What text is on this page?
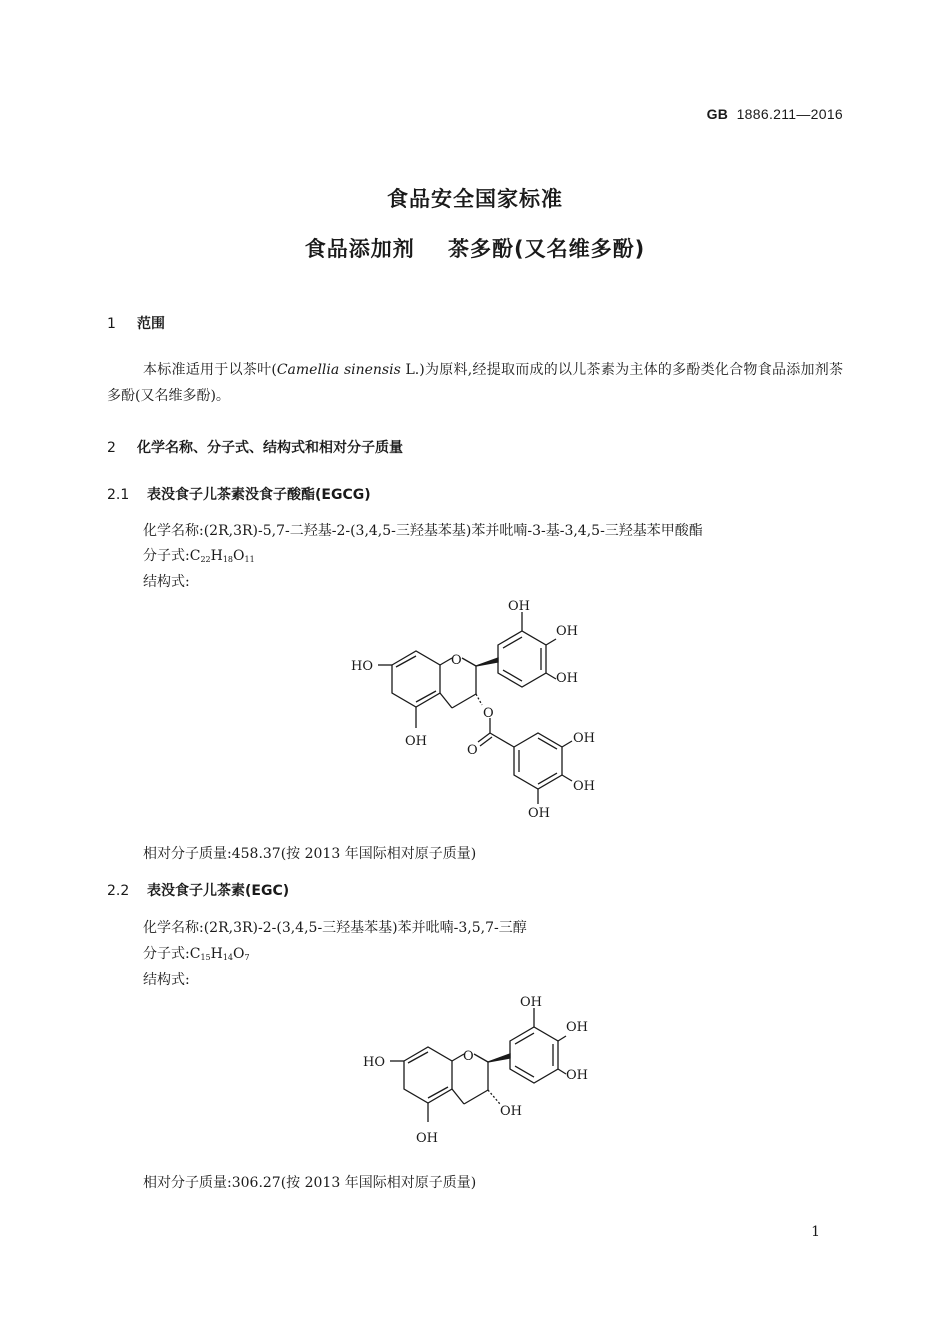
GB 1886.211—2016
食品安全国家标准
食品添加剂    茶多酚(又名维多酚)
1 范围
本标准适用于以茶叶(Camellia sinensis L.)为原料,经提取而成的以儿茶素为主体的多酚类化合物食品添加剂茶多酚(又名维多酚)。
2 化学名称、分子式、结构式和相对分子质量
2.1 表没食子儿茶素没食子酸酯(EGCG)
化学名称:(2R,3R)-5,7-二羟基-2-(3,4,5-三羟基苯基)苯并吡喃-3-基-3,4,5-三羟基苯甲酸酯
分子式$:C_{22}H_{18}O_{11}$
结构式:
OH
OH
OH
HO	O
O
OH
O
OH
OH
OH
OH
OH
OH
HO	O
OH
OH
相对分子质量:458.37(按 2013 年国际相对原子质量)
2.2 表没食子儿茶素(EGC)
化学名称:(2R,3R)-2-(3,4,5-三羟基苯基)苯并吡喃-3,5,7-三醇
分子式$:C_{15}H_{14}O_7$
结构式:
相对分子质量:306.27(按 2013 年国际相对原子质量)
1
